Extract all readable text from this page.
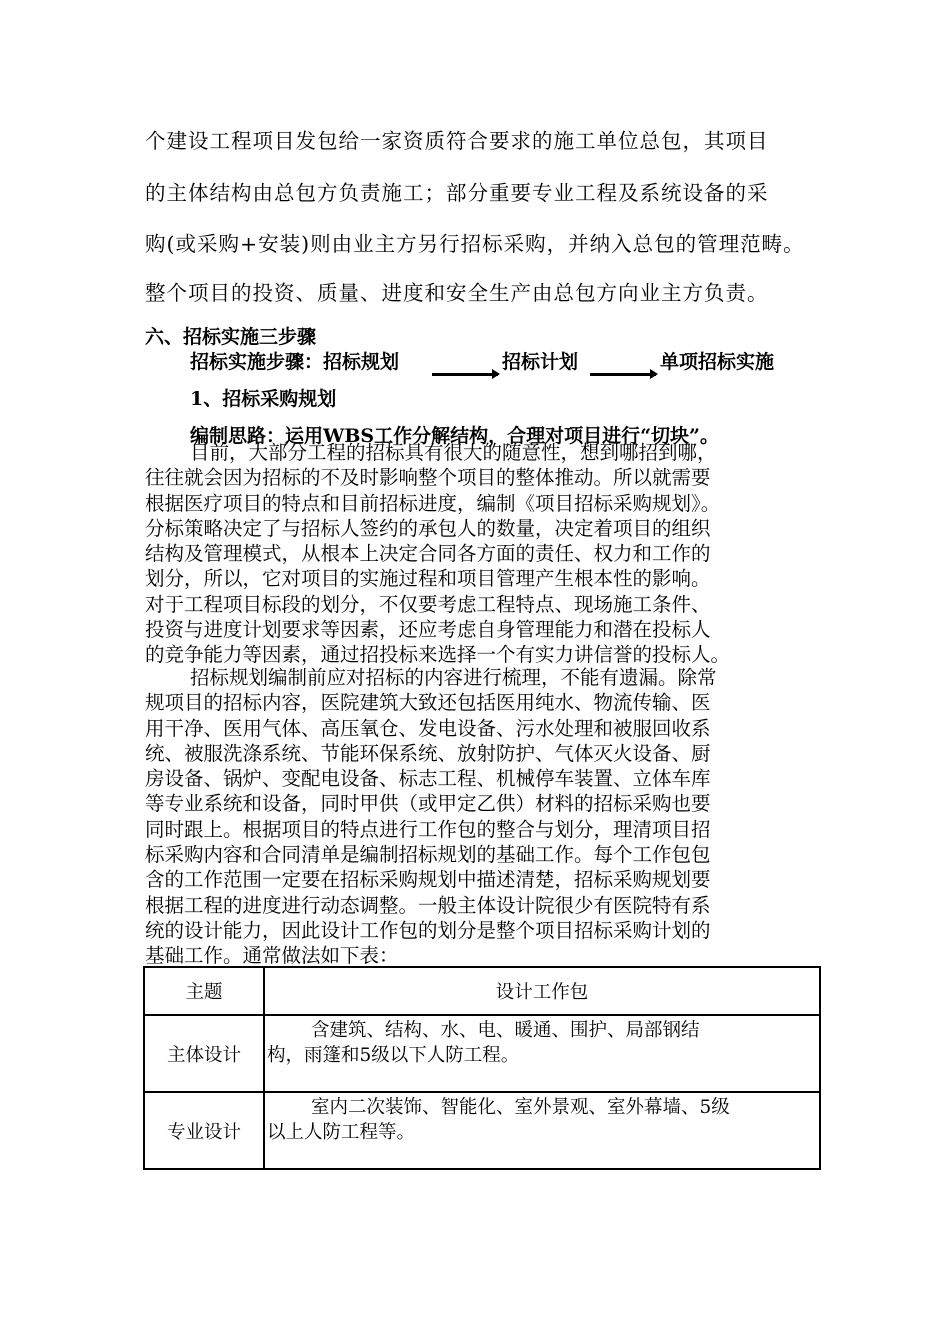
个建设工程项目发包给一家资质符合要求的施工单位总包，其项目
的主体结构由总包方负责施工；部分重要专业工程及系统设备的采
购(或采购+安装)则由业主方另行招标采购，并纳入总包的管理范畴。
整个项目的投资、质量、进度和安全生产由总包方向业主方负责。
六、招标实施三步骤
招标实施步骤：招标规划	招标计划	单项招标实施
1、招标采购规划
编制思路：运用WBS工作分解结构，合理对项目进行“切块”。
目前，大部分工程的招标具有很大的随意性，想到哪招到哪，
往往就会因为招标的不及时影响整个项目的整体推动。所以就需要
根据医疗项目的特点和目前招标进度，编制《项目招标采购规划》。
分标策略决定了与招标人签约的承包人的数量，决定着项目的组织
结构及管理模式，从根本上决定合同各方面的责任、权力和工作的
划分，所以，它对项目的实施过程和项目管理产生根本性的影响。
对于工程项目标段的划分，不仅要考虑工程特点、现场施工条件、
投资与进度计划要求等因素，还应考虑自身管理能力和潜在投标人
的竞争能力等因素，通过招投标来选择一个有实力讲信誉的投标人。
招标规划编制前应对招标的内容进行梳理，不能有遗漏。除常
规项目的招标内容，医院建筑大致还包括医用纯水、物流传输、医
用干净、医用气体、高压氧仓、发电设备、污水处理和被服回收系
统、被服洗涤系统、节能环保系统、放射防护、气体灭火设备、厨
房设备、锅炉、变配电设备、标志工程、机械停车装置、立体车库
等专业系统和设备，同时甲供（或甲定乙供）材料的招标采购也要
同时跟上。根据项目的特点进行工作包的整合与划分，理清项目招
标采购内容和合同清单是编制招标规划的基础工作。每个工作包包
含的工作范围一定要在招标采购规划中描述清楚，招标采购规划要
根据工程的进度进行动态调整。一般主体设计院很少有医院特有系
统的设计能力，因此设计工作包的划分是整个项目招标采购计划的
基础工作。通常做法如下表：
主题	设计工作包
主体设计	含建筑、结构、水、电、暖通、围护、局部钢结
构，雨篷和5级以下人防工程。

专业设计	室内二次装饰、智能化、室外景观、室外幕墙、5级
以上人防工程等。
